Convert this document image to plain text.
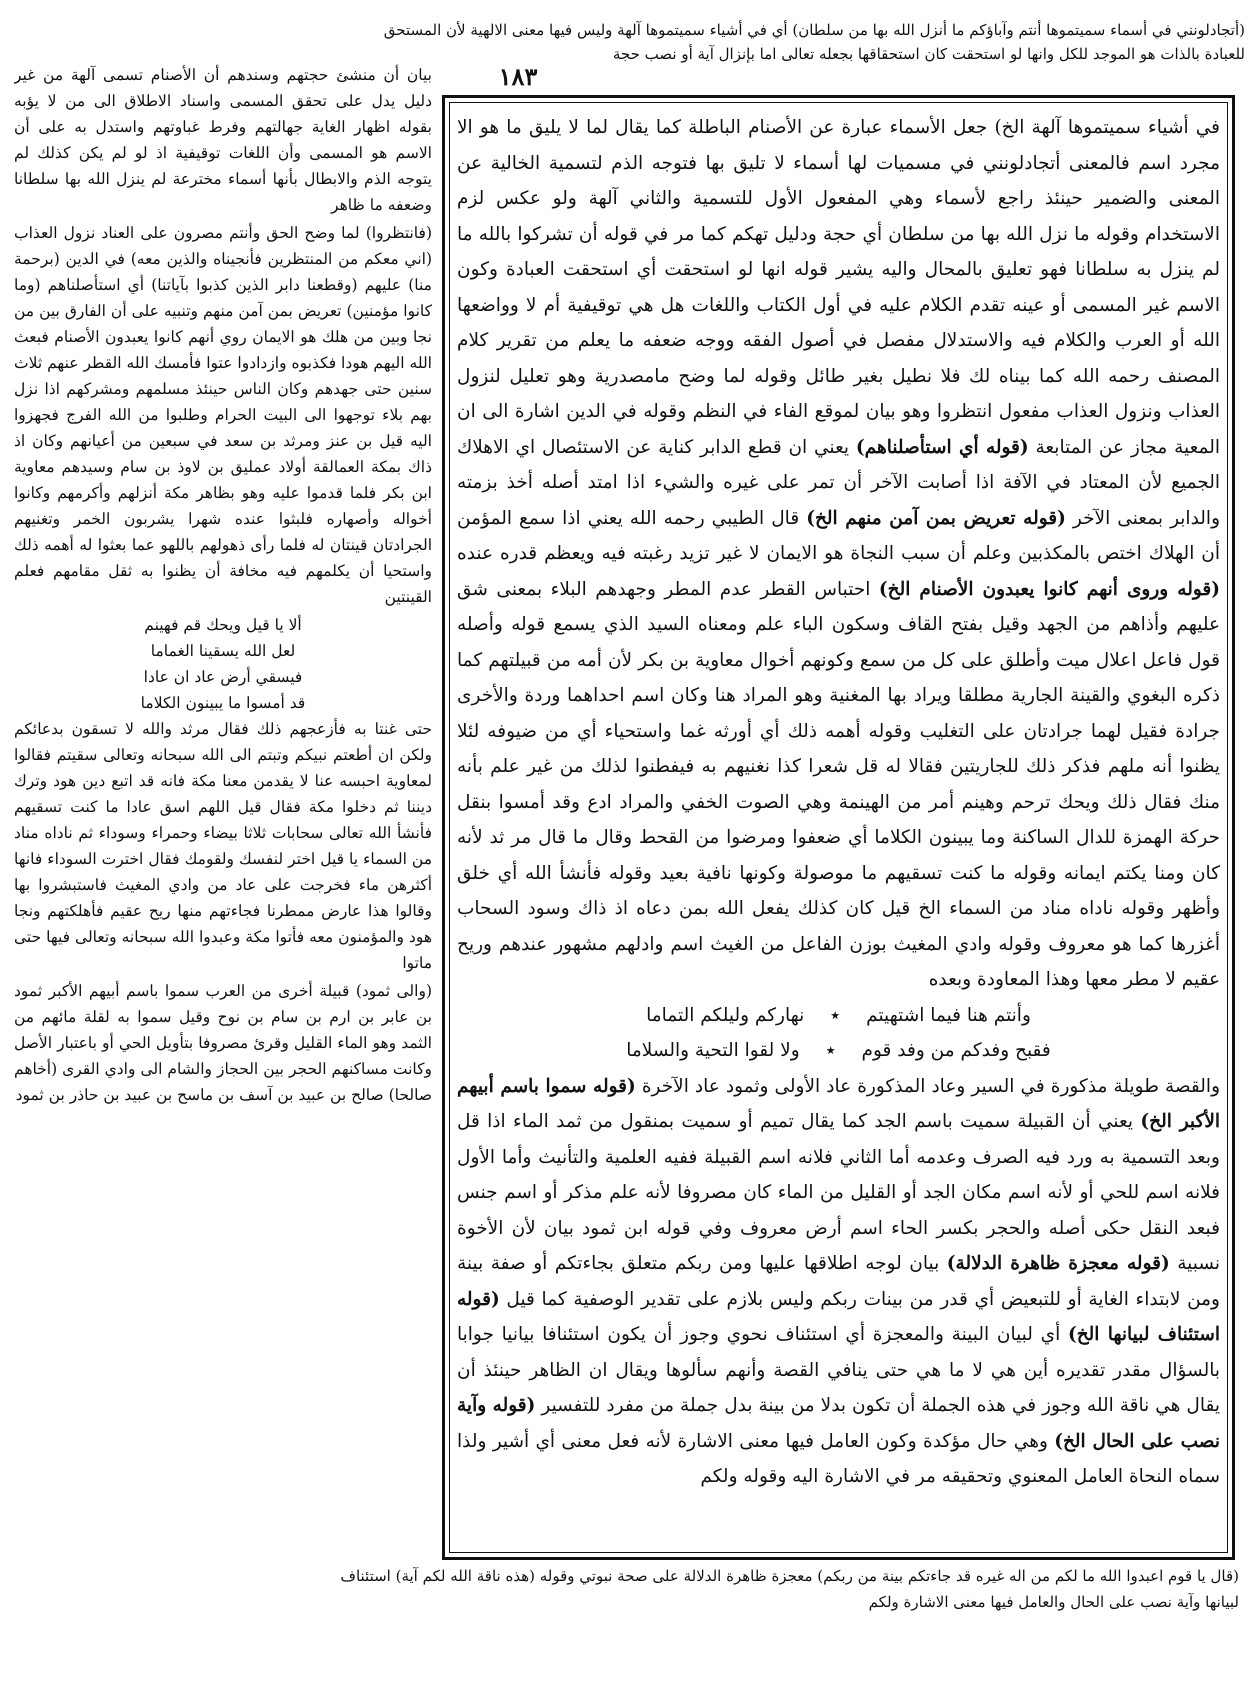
(أتجادلونني في أسماء سميتموها أنتم وآباؤكم ما أنزل الله بها من سلطان) أي في أشياء سميتموها آلهة وليس فيها معنى الالهية لأن المستحق
للعبادة بالذات هو الموجد للكل وانها لو استحقت كان استحقاقها بجعله تعالى اما بإنزال آية أو نصب حجة
١٨٣

في أشياء سميتموها آلهة الخ) جعل الأسماء عبارة عن الأصنام الباطلة كما يقال لما لا يليق ما هو الا مجرد اسم فالمعنى أتجادلونني في مسميات لها أسماء لا تليق بها فتوجه الذم لتسمية الخالية عن المعنى والضمير حينئذ راجع لأسماء وهي المفعول الأول للتسمية والثاني آلهة ولو عكس لزم الاستخدام وقوله ما نزل الله بها من سلطان أي حجة ودليل تهكم كما مر في قوله أن تشركوا بالله ما لم ينزل به سلطانا فهو تعليق بالمحال واليه يشير قوله انها لو استحقت أي استحقت العبادة وكون الاسم غير المسمى أو عينه تقدم الكلام عليه في أول الكتاب واللغات هل هي توقيفية أم لا وواضعها الله أو العرب والكلام فيه والاستدلال مفصل في أصول الفقه ووجه ضعفه ما يعلم من تقرير كلام المصنف رحمه الله كما بيناه لك فلا نطيل بغير طائل وقوله لما وضح مامصدرية وهو تعليل لنزول العذاب ونزول العذاب مفعول انتظروا وهو بيان لموقع الفاء في النظم وقوله في الدين اشارة الى ان المعية مجاز عن المتابعة (قوله أي استأصلناهم) يعني ان قطع الدابر كناية عن الاستئصال اي الاهلاك الجميع لأن المعتاد في الآفة اذا أصابت الآخر أن تمر على غيره والشيء اذا امتد أصله أخذ بزمته والدابر بمعنى الآخر (قوله تعريض بمن آمن منهم الخ) قال الطيبي رحمه الله يعني اذا سمع المؤمن أن الهلاك اختص بالمكذبين وعلم أن سبب النجاة هو الايمان لا غير تزيد رغبته فيه ويعظم قدره عنده (قوله وروى أنهم كانوا يعبدون الأصنام الخ) احتباس القطر عدم المطر وجهدهم البلاء بمعنى شق عليهم وأذاهم من الجهد وقيل بفتح القاف وسكون الباء علم ومعناه السيد الذي يسمع قوله وأصله قول فاعل اعلال ميت وأطلق على كل من سمع وكونهم أخوال معاوية بن بكر لأن أمه من قبيلتهم كما ذكره البغوي والقينة الجارية مطلقا ويراد بها المغنية وهو المراد هنا وكان اسم احداهما وردة والأخرى جرادة فقيل لهما جرادتان على التغليب وقوله أهمه ذلك أي أورثه غما واستحياء أي من ضيوفه لئلا يظنوا أنه ملهم فذكر ذلك للجاريتين فقالا له قل شعرا كذا نغنيهم به فيفطنوا لذلك من غير علم بأنه منك فقال ذلك ويحك ترحم وهينم أمر من الهينمة وهي الصوت الخفي والمراد ادع وقد أمسوا بنقل حركة الهمزة للدال الساكنة وما يبينون الكلاما أي ضعفوا ومرضوا من القحط وقال ما قال مر ثد لأنه كان ومنا يكتم ايمانه وقوله ما كنت تسقيهم ما موصولة وكونها نافية بعيد وقوله فأنشأ الله أي خلق وأظهر وقوله ناداه مناد من السماء الخ قيل كان كذلك يفعل الله بمن دعاه اذ ذاك وسود السحاب أغزرها كما هو معروف وقوله وادي المغيث بوزن الفاعل من الغيث اسم وادلهم مشهور عندهم وريح عقيم لا مطر معها وهذا المعاودة وبعده

وأنتم هنا فيما اشتهيتم ٭ نهاركم وليلكم التماما
فقبح وفدكم من وفد قوم ٭ ولا لقوا التحية والسلاما

والقصة طويلة مذكورة في السير وعاد المذكورة عاد الأولى وثمود عاد الآخرة (قوله سموا باسم أبيهم الأكبر الخ) يعني أن القبيلة سميت باسم الجد كما يقال تميم أو سميت بمنقول من ثمد الماء اذا قل وبعد التسمية به ورد فيه الصرف وعدمه أما الثاني فلانه اسم القبيلة ففيه العلمية والتأنيث وأما الأول فلانه اسم للحي أو لأنه اسم مكان الجد أو القليل من الماء كان مصروفا لأنه علم مذكر أو اسم جنس فبعد النقل حكى أصله والحجر بكسر الحاء اسم أرض معروف وفي قوله ابن ثمود بيان لأن الأخوة نسبية (قوله معجزة ظاهرة الدلالة) بيان لوجه اطلاقها عليها ومن ربكم متعلق بجاءتكم أو صفة بينة ومن لابتداء الغاية أو للتبعيض أي قدر من بينات ربكم وليس بلازم على تقدير الوصفية كما قيل (قوله استئناف لبيانها الخ) أي لبيان البينة والمعجزة أي استئناف نحوي وجوز أن يكون استئنافا بيانيا جوابا بالسؤال مقدر تقديره أين هي لا ما هي حتى ينافي القصة وأنهم سألوها ويقال ان الظاهر حينئذ أن يقال هي ناقة الله وجوز في هذه الجملة أن تكون بدلا من بينة بدل جملة من مفرد للتفسير (قوله وآية نصب على الحال الخ) وهي حال مؤكدة وكون العامل فيها معنى الاشارة لأنه فعل معنى أي أشير ولذا سماه النحاة العامل المعنوي وتحقيقه مر في الاشارة اليه وقوله ولكم

بيان أن منشئ حجتهم وسندهم أن الأصنام تسمى آلهة من غير دليل يدل على تحقق المسمى واسناد الاطلاق الى من لا يؤبه بقوله اظهار الغاية جهالتهم وفرط غباوتهم واستدل به على أن الاسم هو المسمى وأن اللغات توقيفية اذ لو لم يكن كذلك لم يتوجه الذم والابطال بأنها أسماء مخترعة لم ينزل الله بها سلطانا وضعفه ما ظاهر

(فانتظروا) لما وضح الحق وأنتم مصرون على العناد نزول العذاب (اني معكم من المنتظرين فأنجيناه والذين معه) في الدين (برحمة منا) عليهم (وقطعنا دابر الذين كذبوا بآياتنا) أي استأصلناهم (وما كانوا مؤمنين) تعريض بمن آمن منهم وتنبيه على أن الفارق بين من نجا وبين من هلك هو الايمان روي أنهم كانوا يعبدون الأصنام فبعث الله اليهم هودا فكذبوه وازدادوا عتوا فأمسك الله القطر عنهم ثلاث سنين حتى جهدهم وكان الناس حينئذ مسلمهم ومشركهم اذا نزل بهم بلاء توجهوا الى البيت الحرام وطلبوا من الله الفرج فجهزوا اليه قيل بن عنز ومرثد بن سعد في سبعين من أعيانهم وكان اذ ذاك بمكة العمالقة أولاد عمليق بن لاوذ بن سام وسيدهم معاوية ابن بكر فلما قدموا عليه وهو بظاهر مكة أنزلهم وأكرمهم وكانوا أخواله وأصهاره فلبثوا عنده شهرا يشربون الخمر وتغنيهم الجرادتان قينتان له فلما رأى ذهولهم باللهو عما بعثوا له أهمه ذلك واستحيا أن يكلمهم فيه مخافة أن يظنوا به ثقل مقامهم فعلم القينتين

ألا يا قيل ويحك قم فهينم
لعل الله يسقينا الغماما
فيسقي أرض عاد ان عادا
قد أمسوا ما يبينون الكلاما

حتى غنتا به فأزعجهم ذلك فقال مرثد والله لا تسقون بدعائكم ولكن ان أطعتم نبيكم وتبتم الى الله سبحانه وتعالى سقيتم فقالوا لمعاوية احبسه عنا لا يقدمن معنا مكة فانه قد اتبع دين هود وترك ديننا ثم دخلوا مكة فقال قيل اللهم اسق عادا ما كنت تسقيهم فأنشأ الله تعالى سحابات ثلاثا بيضاء وحمراء وسوداء ثم ناداه مناد من السماء يا قيل اختر لنفسك ولقومك فقال اخترت السوداء فانها أكثرهن ماء فخرجت على عاد من وادي المغيث فاستبشروا بها وقالوا هذا عارض ممطرنا فجاءتهم منها ريح عقيم فأهلكتهم ونجا هود والمؤمنون معه فأتوا مكة وعبدوا الله سبحانه وتعالى فيها حتى ماتوا

(والى ثمود) قبيلة أخرى من العرب سموا باسم أبيهم الأكبر ثمود بن عابر بن ارم بن سام بن نوح وقيل سموا به لقلة مائهم من الثمد وهو الماء القليل وقرئ مصروفا بتأويل الحي أو باعتبار الأصل وكانت مساكنهم الحجر بين الحجاز والشام الى وادي القرى (أخاهم صالحا) صالح بن عبيد بن آسف بن ماسح بن عبيد بن حاذر بن ثمود

(قال يا قوم اعبدوا الله ما لكم من اله غيره قد جاءتكم بينة من ربكم) معجزة ظاهرة الدلالة على صحة نبوتي وقوله (هذه ناقة الله لكم آية) استئناف
لبيانها وآية نصب على الحال والعامل فيها معنى الاشارة ولكم
